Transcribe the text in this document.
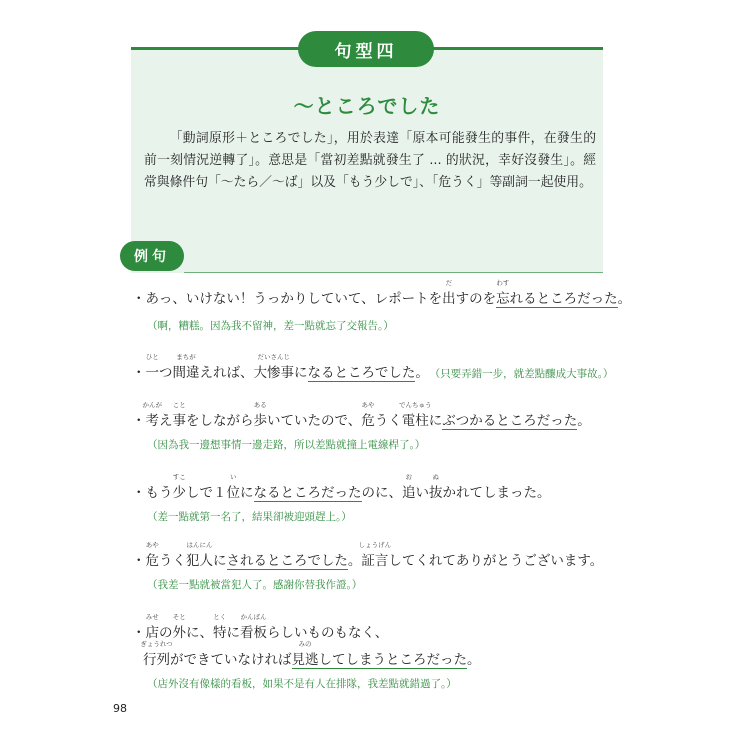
～ところでした
「動詞原形＋ところでした」，用於表達「原本可能發生的事件，在發生的前一刻情況逆轉了」。意思是「當初差點就發生了 ... 的狀況，幸好沒發生」。經常與條件句「～たら／～ば」以及「もう少しで」、「危うく」等副詞一起使用。
句型四
例句
・あっ、いけない！うっかりしていて、レポートを
だ
出すのを
わす
忘れるところだった。
（啊，糟糕。因為我不留神，差一點就忘了交報告。）
・
ひと
一つ
まちが
間違えれば、
だいさんじ
大惨事になるところでした。 （只要弄錯一步，就差點釀成大事故。）
・
かんが
考え
こと
事をしながら
ある
歩いていたので、
あや
危うく
でんちゅう
電柱にぶつかるところだった。
（因為我一邊想事情一邊走路，所以差點就撞上電線桿了。）
・もう
すこ
少しで１
い
位になるところだったのに、
お
追い
ぬ
抜かれてしまった。
（差一點就第一名了，結果卻被迎頭趕上。）
・
あや
危うく
はんにん
犯人にされるところでした。
しょうげん
証言してくれてありがとうございます。
（我差一點就被當犯人了。感謝你替我作證。）
・
みせ
店の
そと
外に、
とく
特に
かんばん
看板らしいものもなく、
ぎょうれつ
行列ができていなければ
みの
見逃してしまうところだった。
（店外沒有像樣的看板，如果不是有人在排隊，我差點就錯過了。）
98
